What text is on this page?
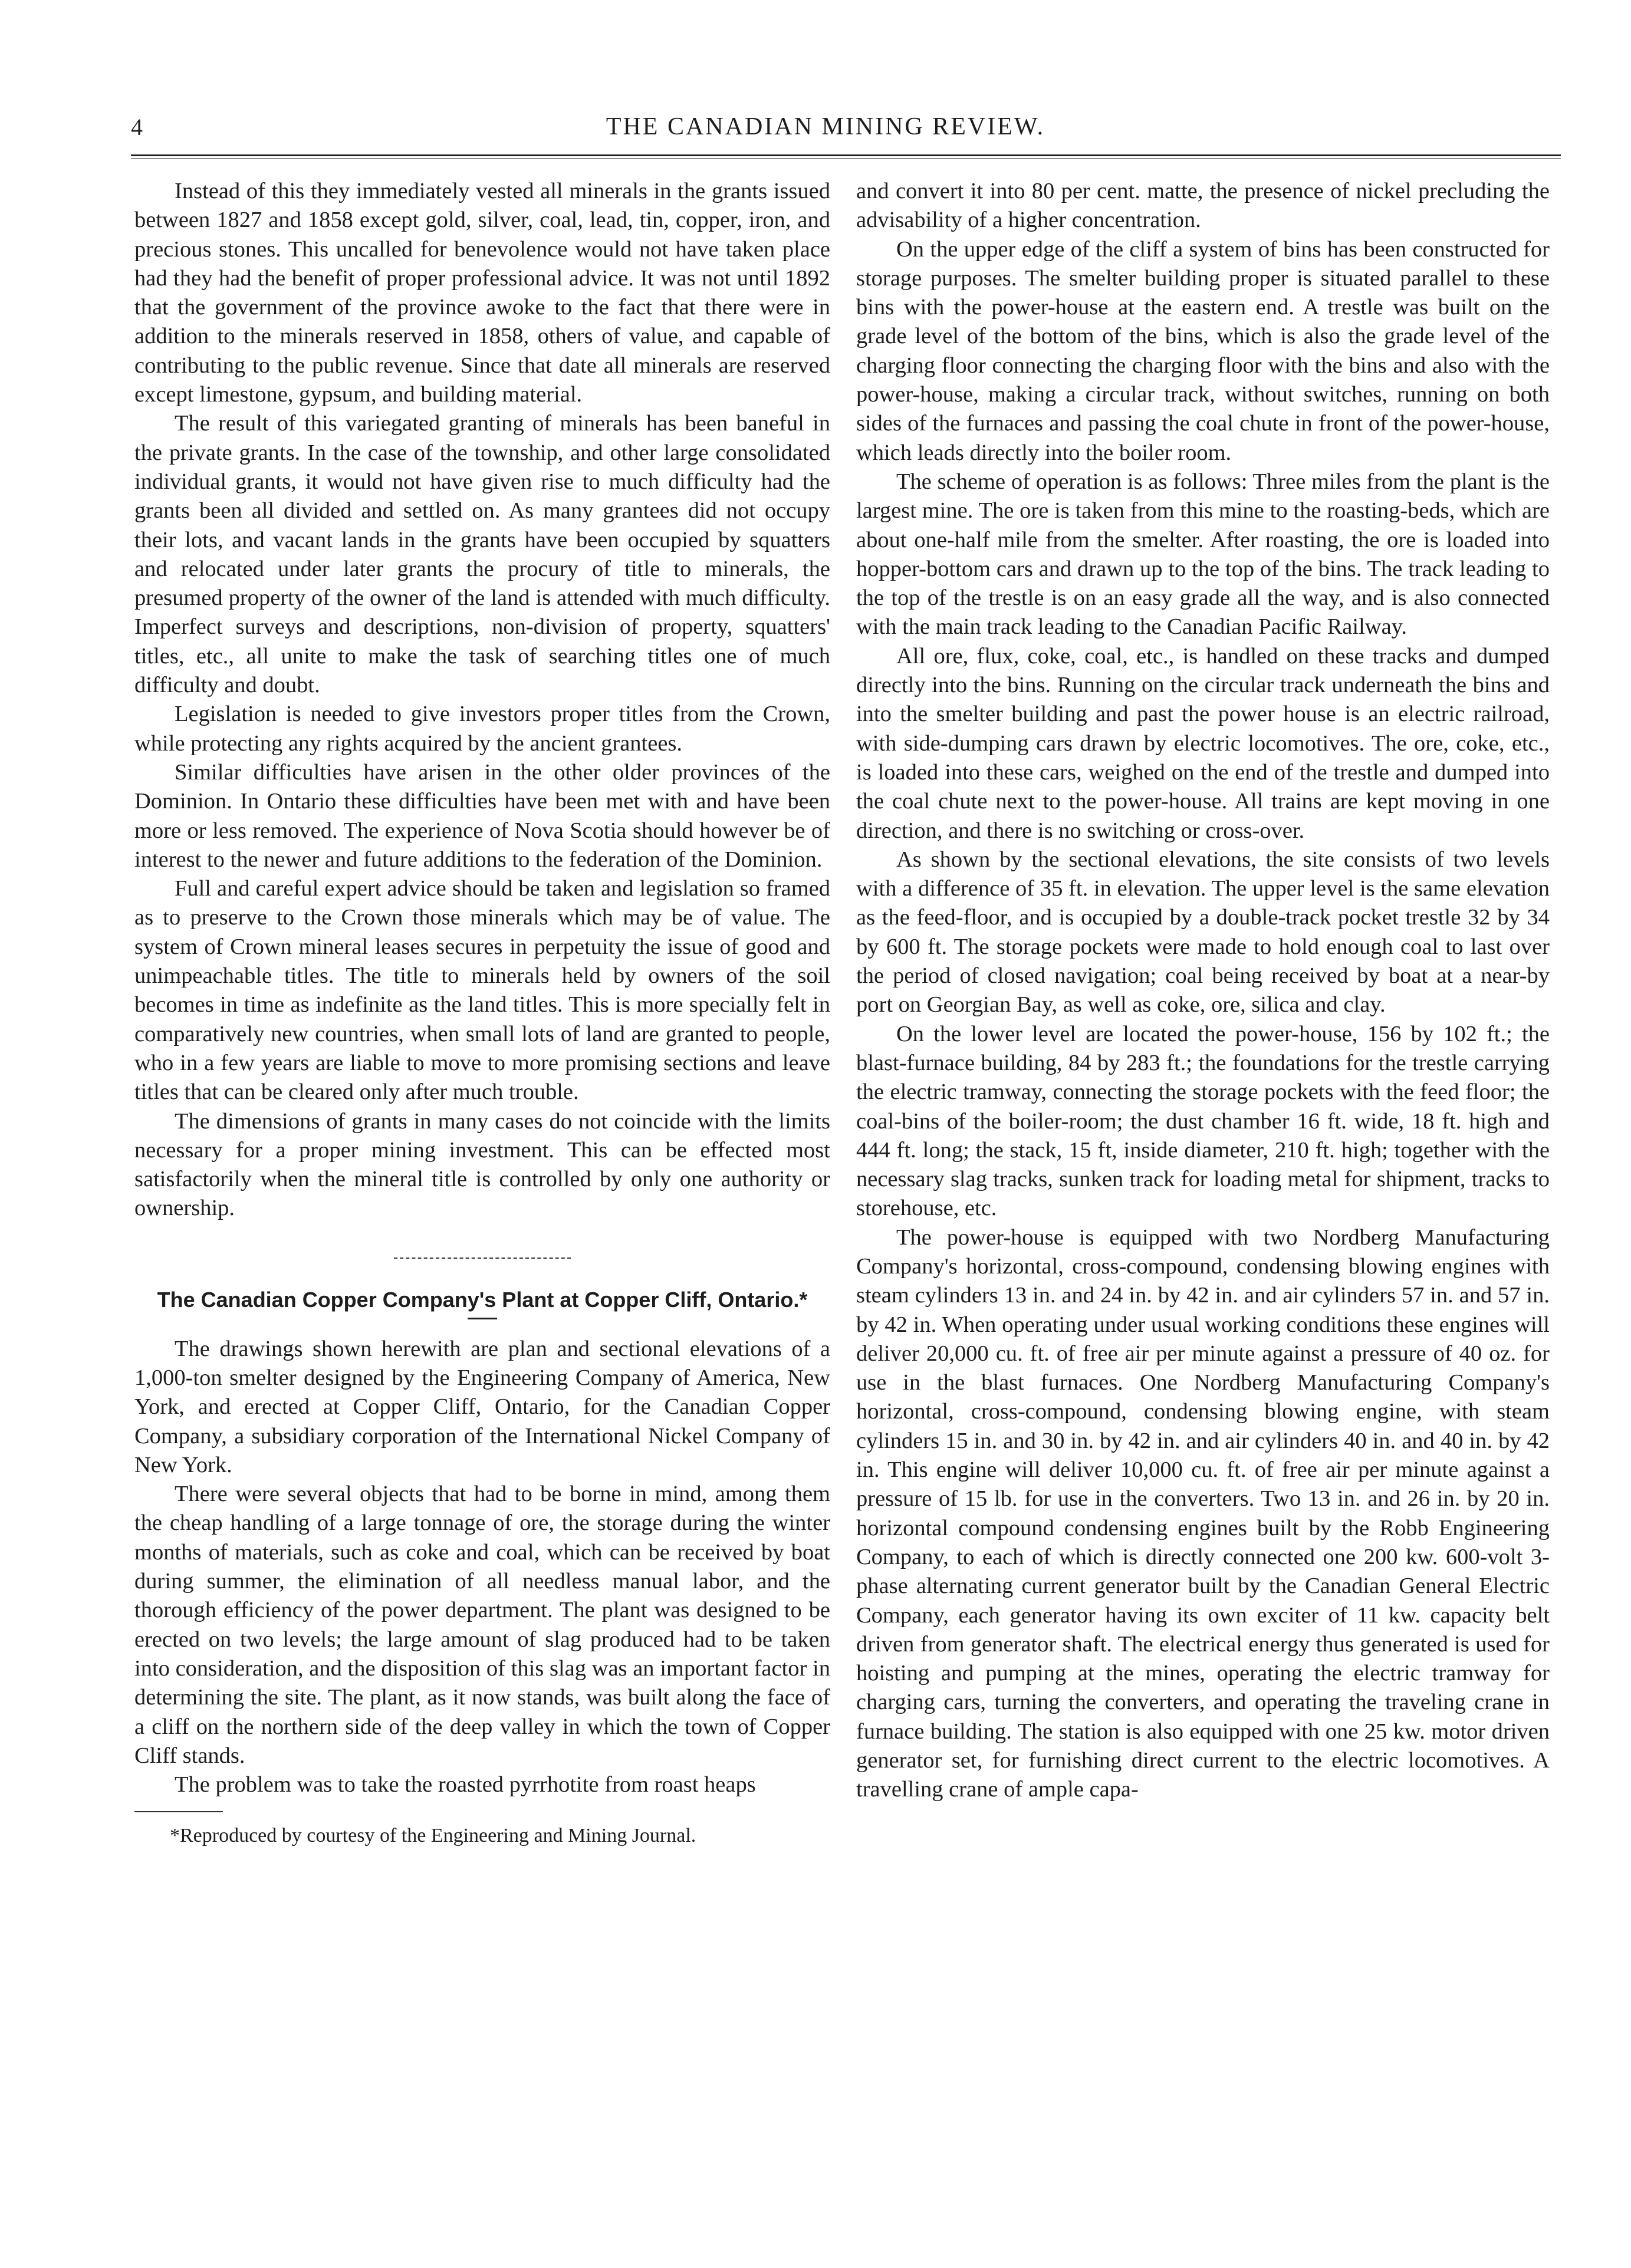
4	THE CANADIAN MINING REVIEW.

Instead of this they immediately vested all minerals in the grants issued between 1827 and 1858 except gold, silver, coal, lead, tin, copper, iron, and precious stones. This uncalled for benevolence would not have taken place had they had the benefit of proper professional advice. It was not until 1892 that the government of the province awoke to the fact that there were in addition to the minerals reserved in 1858, others of value, and capable of contributing to the public revenue. Since that date all minerals are reserved except limestone, gypsum, and building material.

The result of this variegated granting of minerals has been baneful in the private grants. In the case of the township, and other large consolidated individual grants, it would not have given rise to much difficulty had the grants been all divided and settled on. As many grantees did not occupy their lots, and vacant lands in the grants have been occupied by squatters and relocated under later grants the procury of title to minerals, the presumed property of the owner of the land is attended with much difficulty. Imperfect surveys and descriptions, non-division of property, squatters' titles, etc., all unite to make the task of searching titles one of much difficulty and doubt.

Legislation is needed to give investors proper titles from the Crown, while protecting any rights acquired by the ancient grantees.

Similar difficulties have arisen in the other older provinces of the Dominion. In Ontario these difficulties have been met with and have been more or less removed. The experience of Nova Scotia should however be of interest to the newer and future additions to the federation of the Dominion.

Full and careful expert advice should be taken and legislation so framed as to preserve to the Crown those minerals which may be of value. The system of Crown mineral leases secures in perpetuity the issue of good and unimpeachable titles. The title to minerals held by owners of the soil becomes in time as indefinite as the land titles. This is more specially felt in comparatively new countries, when small lots of land are granted to people, who in a few years are liable to move to more promising sections and leave titles that can be cleared only after much trouble.

The dimensions of grants in many cases do not coincide with the limits necessary for a proper mining investment. This can be effected most satisfactorily when the mineral title is controlled by only one authority or ownership.

The Canadian Copper Company's Plant at Copper Cliff, Ontario.*

The drawings shown herewith are plan and sectional elevations of a 1,000-ton smelter designed by the Engineering Company of America, New York, and erected at Copper Cliff, Ontario, for the Canadian Copper Company, a subsidiary corporation of the International Nickel Company of New York.

There were several objects that had to be borne in mind, among them the cheap handling of a large tonnage of ore, the storage during the winter months of materials, such as coke and coal, which can be received by boat during summer, the elimination of all needless manual labor, and the thorough efficiency of the power department. The plant was designed to be erected on two levels; the large amount of slag produced had to be taken into consideration, and the disposition of this slag was an important factor in determining the site. The plant, as it now stands, was built along the face of a cliff on the northern side of the deep valley in which the town of Copper Cliff stands.

The problem was to take the roasted pyrrhotite from roast heaps

*Reproduced by courtesy of the Engineering and Mining Journal.

and convert it into 80 per cent. matte, the presence of nickel precluding the advisability of a higher concentration.

On the upper edge of the cliff a system of bins has been constructed for storage purposes. The smelter building proper is situated parallel to these bins with the power-house at the eastern end. A trestle was built on the grade level of the bottom of the bins, which is also the grade level of the charging floor connecting the charging floor with the bins and also with the power-house, making a circular track, without switches, running on both sides of the furnaces and passing the coal chute in front of the power-house, which leads directly into the boiler room.

The scheme of operation is as follows: Three miles from the plant is the largest mine. The ore is taken from this mine to the roasting-beds, which are about one-half mile from the smelter. After roasting, the ore is loaded into hopper-bottom cars and drawn up to the top of the bins. The track leading to the top of the trestle is on an easy grade all the way, and is also connected with the main track leading to the Canadian Pacific Railway.

All ore, flux, coke, coal, etc., is handled on these tracks and dumped directly into the bins. Running on the circular track underneath the bins and into the smelter building and past the power house is an electric railroad, with side-dumping cars drawn by electric locomotives. The ore, coke, etc., is loaded into these cars, weighed on the end of the trestle and dumped into the coal chute next to the power-house. All trains are kept moving in one direction, and there is no switching or cross-over.

As shown by the sectional elevations, the site consists of two levels with a difference of 35 ft. in elevation. The upper level is the same elevation as the feed-floor, and is occupied by a double-track pocket trestle 32 by 34 by 600 ft. The storage pockets were made to hold enough coal to last over the period of closed navigation; coal being received by boat at a near-by port on Georgian Bay, as well as coke, ore, silica and clay.

On the lower level are located the power-house, 156 by 102 ft.; the blast-furnace building, 84 by 283 ft.; the foundations for the trestle carrying the electric tramway, connecting the storage pockets with the feed floor; the coal-bins of the boiler-room; the dust chamber 16 ft. wide, 18 ft. high and 444 ft. long; the stack, 15 ft, inside diameter, 210 ft. high; together with the necessary slag tracks, sunken track for loading metal for shipment, tracks to storehouse, etc.

The power-house is equipped with two Nordberg Manufacturing Company's horizontal, cross-compound, condensing blowing engines with steam cylinders 13 in. and 24 in. by 42 in. and air cylinders 57 in. and 57 in. by 42 in. When operating under usual working conditions these engines will deliver 20,000 cu. ft. of free air per minute against a pressure of 40 oz. for use in the blast furnaces. One Nordberg Manufacturing Company's horizontal, cross-compound, condensing blowing engine, with steam cylinders 15 in. and 30 in. by 42 in. and air cylinders 40 in. and 40 in. by 42 in. This engine will deliver 10,000 cu. ft. of free air per minute against a pressure of 15 lb. for use in the converters. Two 13 in. and 26 in. by 20 in. horizontal compound condensing engines built by the Robb Engineering Company, to each of which is directly connected one 200 kw. 600-volt 3-phase alternating current generator built by the Canadian General Electric Company, each generator having its own exciter of 11 kw. capacity belt driven from generator shaft. The electrical energy thus generated is used for hoisting and pumping at the mines, operating the electric tramway for charging cars, turning the converters, and operating the traveling crane in furnace building. The station is also equipped with one 25 kw. motor driven generator set, for furnishing direct current to the electric locomotives. A travelling crane of ample capa-
